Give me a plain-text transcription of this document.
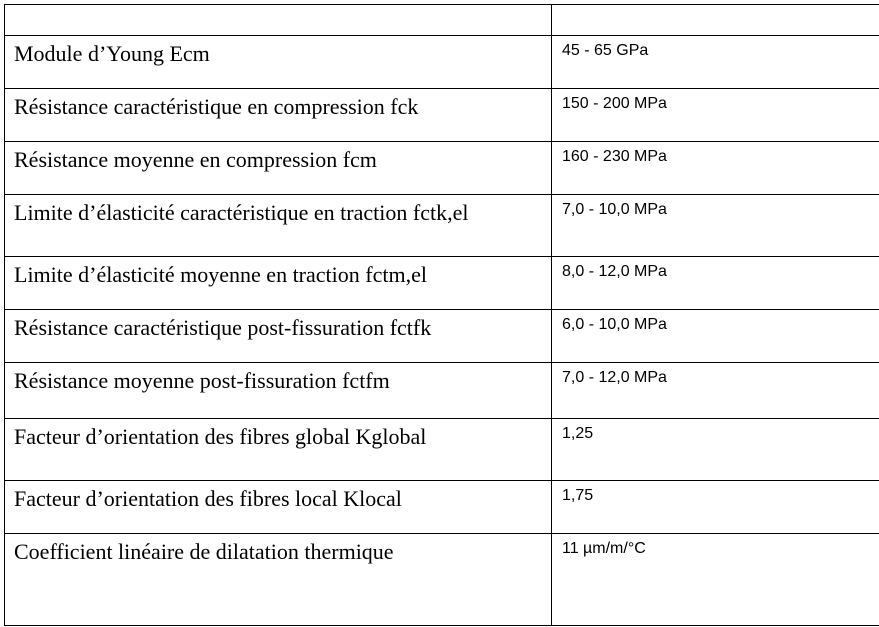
Module d’Young Ecm	45 - 65 GPa
Résistance caractéristique en compression fck	150 - 200 MPa
Résistance moyenne en compression fcm	160 - 230 MPa
Limite d’élasticité caractéristique en traction fctk,el	7,0 - 10,0 MPa
Limite d’élasticité moyenne en traction fctm,el	8,0 - 12,0 MPa
Résistance caractéristique post-fissuration fctfk	6,0 - 10,0 MPa
Résistance moyenne post-fissuration fctfm	7,0 - 12,0 MPa
Facteur d’orientation des fibres global Kglobal	1,25
Facteur d’orientation des fibres local Klocal	1,75
Coefficient linéaire de dilatation thermique	11 µm/m/°C
